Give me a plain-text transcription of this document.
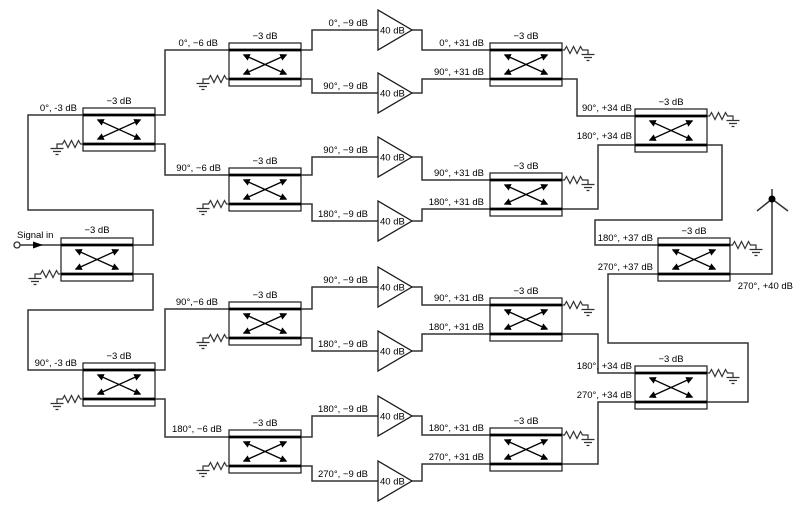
Signal in	−3 dB
−3 dB
−3 dB
−3 dB
−3 dB
−3 dB
−3 dB
−3 dB
−3 dB
−3 dB
−3 dB
−3 dB
−3 dB
−3 dB
40 dB
40 dB
40 dB
40 dB
40 dB
40 dB
40 dB
40 dB
0°, -3 dB
90°, -3 dB
0°, −6 dB
90°, −6 dB
90°,−6 dB
180°, −6 dB
0°, −9 dB
90°, −9 dB
90°, −9 dB
180°, −9 dB
90°, −9 dB
180°, −9 dB
180°, −9 dB
270°, −9 dB
0°, +31 dB
90°, +31 dB
90°, +31 dB
180°, +31 dB
90°, +31 dB
180°, +31 dB
180°, +31 dB
270°, +31 dB
90°, +34 dB
180°, +34 dB
180°, +34 dB
270°, +34 dB
180°, +37 dB
270°, +37 dB
270°, +40 dB
